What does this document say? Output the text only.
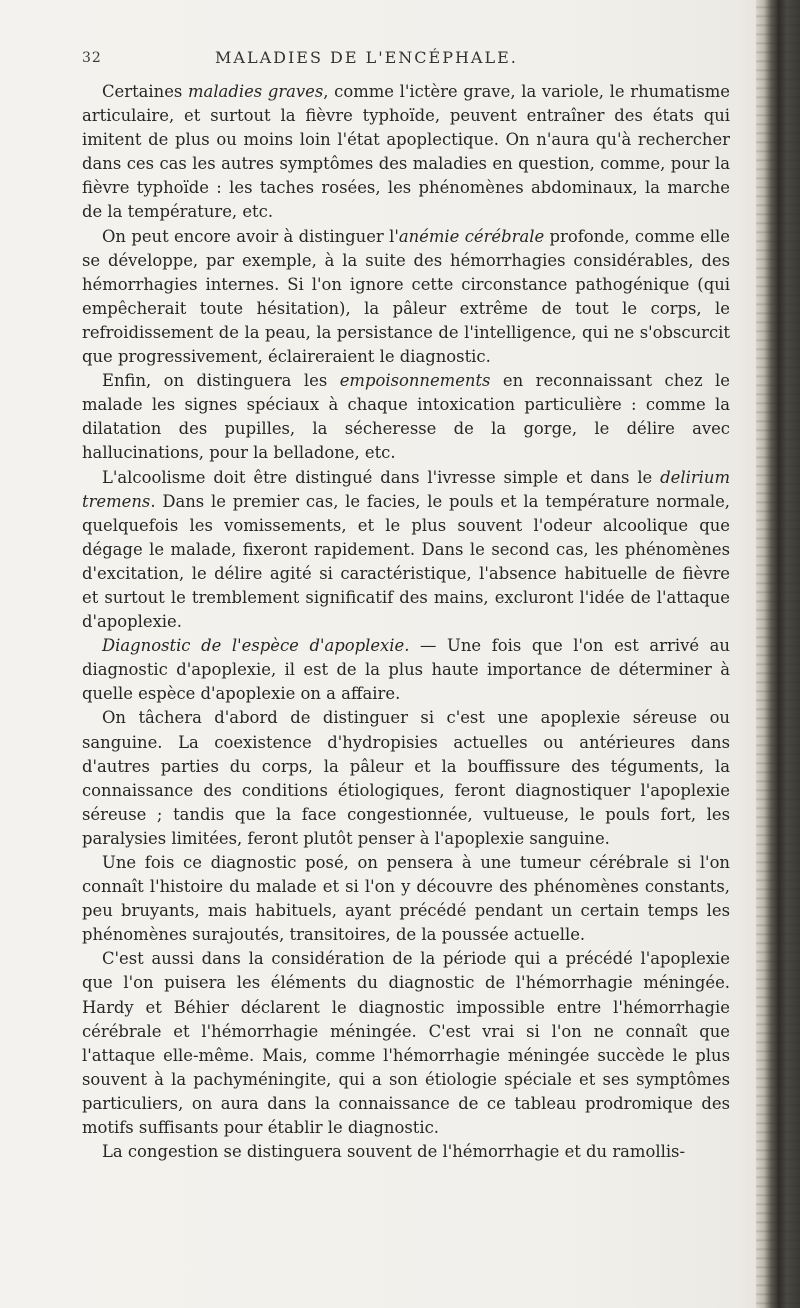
32	MALADIES DE L'ENCÉPHALE.

Certaines maladies graves, comme l'ictère grave, la variole, le rhumatisme articulaire, et surtout la fièvre typhoïde, peuvent entraîner des états qui imitent de plus ou moins loin l'état apoplectique. On n'aura qu'à rechercher dans ces cas les autres symptômes des maladies en question, comme, pour la fièvre typhoïde : les taches rosées, les phénomènes abdominaux, la marche de la température, etc.

On peut encore avoir à distinguer l'anémie cérébrale profonde, comme elle se développe, par exemple, à la suite des hémorrhagies considérables, des hémorrhagies internes. Si l'on ignore cette circonstance pathogénique (qui empêcherait toute hésitation), la pâleur extrême de tout le corps, le refroidissement de la peau, la persistance de l'intelligence, qui ne s'obscurcit que progressivement, éclaireraient le diagnostic.

Enfin, on distinguera les empoisonnements en reconnaissant chez le malade les signes spéciaux à chaque intoxication particulière : comme la dilatation des pupilles, la sécheresse de la gorge, le délire avec hallucinations, pour la belladone, etc.

L'alcoolisme doit être distingué dans l'ivresse simple et dans le delirium tremens. Dans le premier cas, le facies, le pouls et la température normale, quelquefois les vomissements, et le plus souvent l'odeur alcoolique que dégage le malade, fixeront rapidement. Dans le second cas, les phénomènes d'excitation, le délire agité si caractéristique, l'absence habituelle de fièvre et surtout le tremblement significatif des mains, excluront l'idée de l'attaque d'apoplexie.

Diagnostic de l'espèce d'apoplexie. — Une fois que l'on est arrivé au diagnostic d'apoplexie, il est de la plus haute importance de déterminer à quelle espèce d'apoplexie on a affaire.

On tâchera d'abord de distinguer si c'est une apoplexie séreuse ou sanguine. La coexistence d'hydropisies actuelles ou antérieures dans d'autres parties du corps, la pâleur et la bouffissure des téguments, la connaissance des conditions étiologiques, feront diagnostiquer l'apoplexie séreuse ; tandis que la face congestionnée, vultueuse, le pouls fort, les paralysies limitées, feront plutôt penser à l'apoplexie sanguine.

Une fois ce diagnostic posé, on pensera à une tumeur cérébrale si l'on connaît l'histoire du malade et si l'on y découvre des phénomènes constants, peu bruyants, mais habituels, ayant précédé pendant un certain temps les phénomènes surajoutés, transitoires, de la poussée actuelle.

C'est aussi dans la considération de la période qui a précédé l'apoplexie que l'on puisera les éléments du diagnostic de l'hémorrhagie méningée. Hardy et Béhier déclarent le diagnostic impossible entre l'hémorrhagie cérébrale et l'hémorrhagie méningée. C'est vrai si l'on ne connaît que l'attaque elle-même. Mais, comme l'hémorrhagie méningée succède le plus souvent à la pachyméningite, qui a son étiologie spéciale et ses symptômes particuliers, on aura dans la connaissance de ce tableau prodromique des motifs suffisants pour établir le diagnostic.

La congestion se distinguera souvent de l'hémorrhagie et du ramollis-
